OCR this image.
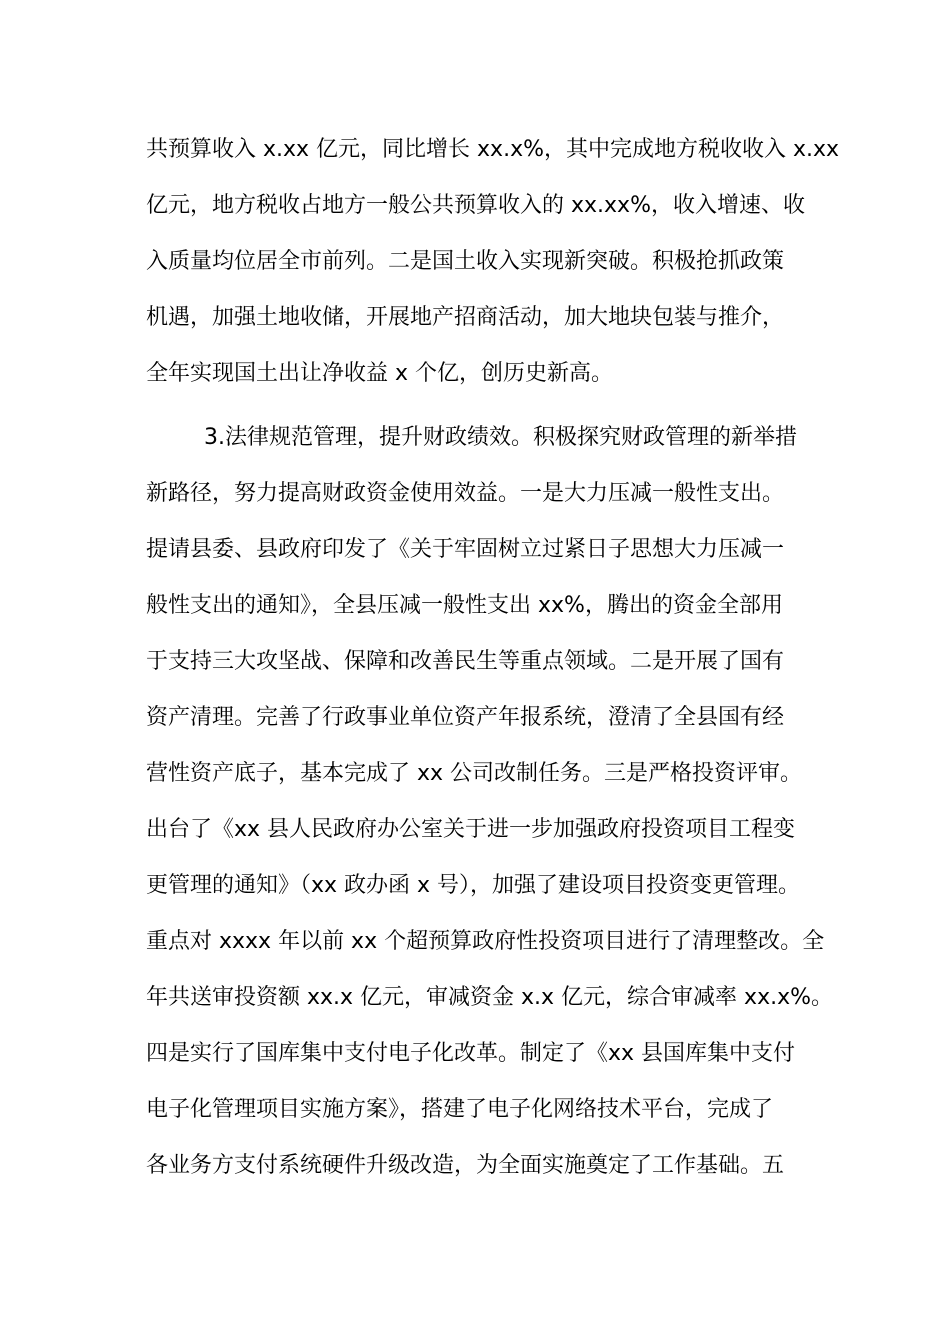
共预算收入 x.xx 亿元，同比增长 xx.x%，其中完成地方税收收入 x.xx
亿元，地方税收占地方一般公共预算收入的 xx.xx%，收入增速、收
入质量均位居全市前列。二是国土收入实现新突破。积极抢抓政策
机遇，加强土地收储，开展地产招商活动，加大地块包装与推介，
全年实现国土出让净收益 x 个亿，创历史新高。
3.法律规范管理，提升财政绩效。积极探究财政管理的新举措
新路径，努力提高财政资金使用效益。一是大力压减一般性支出。
提请县委、县政府印发了《关于牢固树立过紧日子思想大力压减一
般性支出的通知》，全县压减一般性支出 xx%，腾出的资金全部用
于支持三大攻坚战、保障和改善民生等重点领域。二是开展了国有
资产清理。完善了行政事业单位资产年报系统，澄清了全县国有经
营性资产底子，基本完成了 xx 公司改制任务。三是严格投资评审。
出台了《xx 县人民政府办公室关于进一步加强政府投资项目工程变
更管理的通知》（xx 政办函 x 号），加强了建设项目投资变更管理。
重点对 xxxx 年以前 xx 个超预算政府性投资项目进行了清理整改。全
年共送审投资额 xx.x 亿元，审减资金 x.x 亿元，综合审减率 xx.x%。
四是实行了国库集中支付电子化改革。制定了《xx 县国库集中支付
电子化管理项目实施方案》，搭建了电子化网络技术平台，完成了
各业务方支付系统硬件升级改造，为全面实施奠定了工作基础。五
